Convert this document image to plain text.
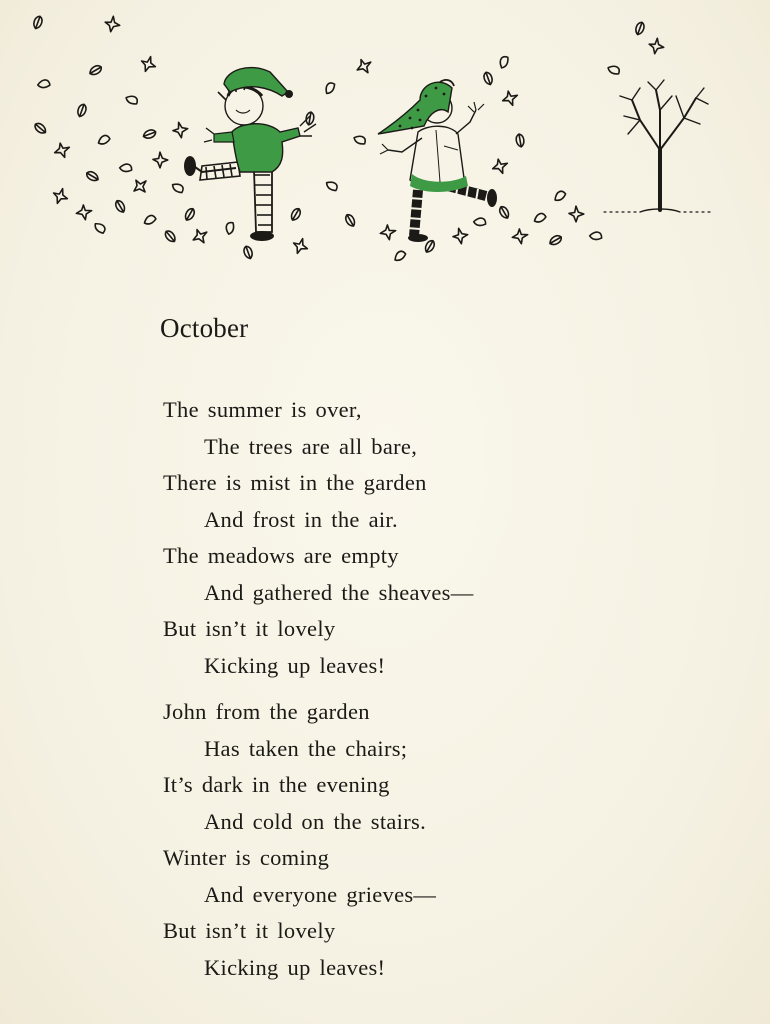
October
The summer is over,
The trees are all bare,
There is mist in the garden
And frost in the air.
The meadows are empty
And gathered the sheaves—
But isn’t it lovely
Kicking up leaves!
John from the garden
Has taken the chairs;
It’s dark in the evening
And cold on the stairs.
Winter is coming
And everyone grieves—
But isn’t it lovely
Kicking up leaves!
